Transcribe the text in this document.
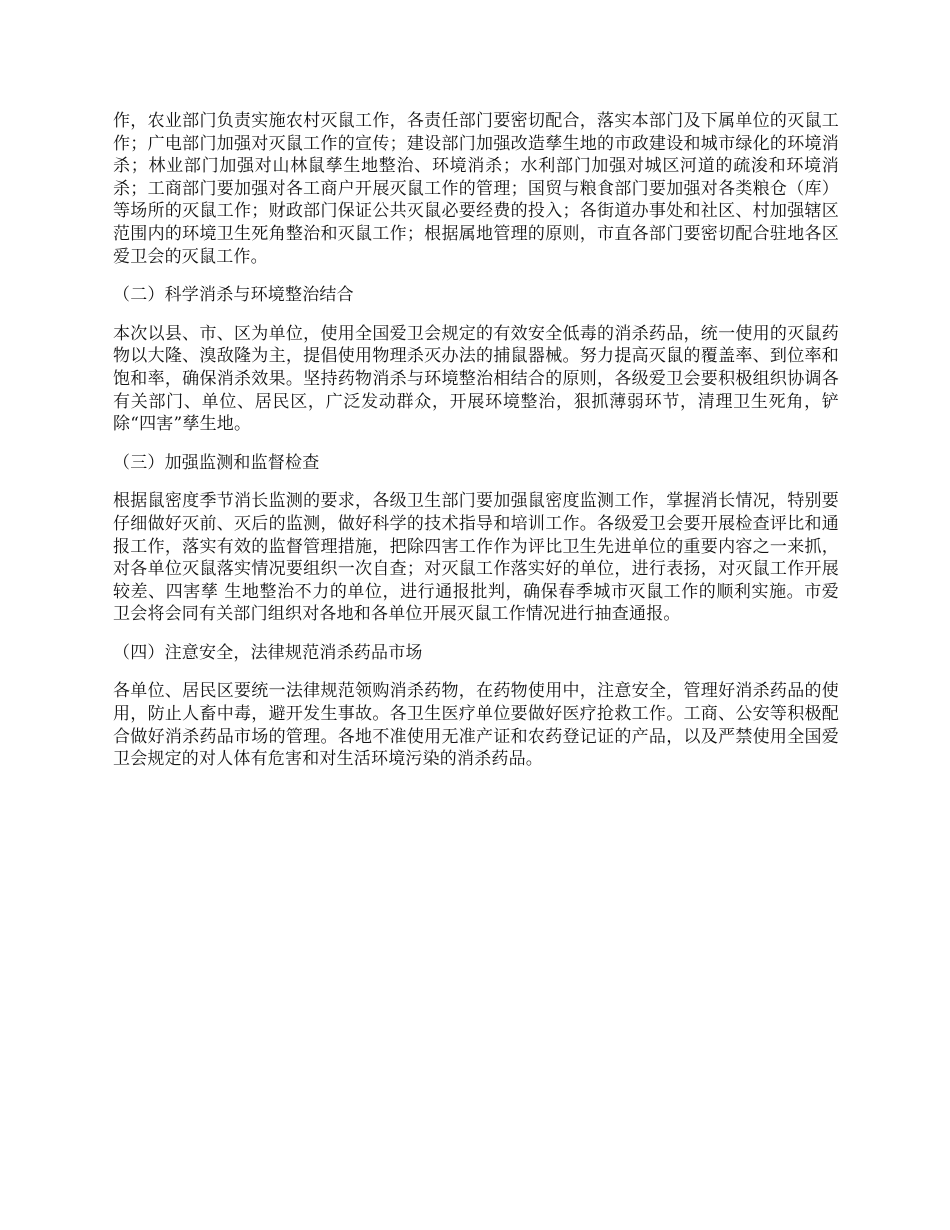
作，农业部门负责实施农村灭鼠工作，各责任部门要密切配合，落实本部门及下属单位的灭鼠工作；广电部门加强对灭鼠工作的宣传；建设部门加强改造孳生地的市政建设和城市绿化的环境消杀；林业部门加强对山林鼠孳生地整治、环境消杀；水利部门加强对城区河道的疏浚和环境消杀；工商部门要加强对各工商户开展灭鼠工作的管理；国贸与粮食部门要加强对各类粮仓（库）等场所的灭鼠工作；财政部门保证公共灭鼠必要经费的投入；各街道办事处和社区、村加强辖区范围内的环境卫生死角整治和灭鼠工作；根据属地管理的原则，市直各部门要密切配合驻地各区爱卫会的灭鼠工作。

（二）科学消杀与环境整治结合

本次以县、市、区为单位，使用全国爱卫会规定的有效安全低毒的消杀药品，统一使用的灭鼠药物以大隆、溴敌隆为主，提倡使用物理杀灭办法的捕鼠器械。努力提高灭鼠的覆盖率、到位率和饱和率，确保消杀效果。坚持药物消杀与环境整治相结合的原则，各级爱卫会要积极组织协调各有关部门、单位、居民区，广泛发动群众，开展环境整治，狠抓薄弱环节，清理卫生死角，铲除“四害”孳生地。

（三）加强监测和监督检查

根据鼠密度季节消长监测的要求，各级卫生部门要加强鼠密度监测工作，掌握消长情况，特别要仔细做好灭前、灭后的监测，做好科学的技术指导和培训工作。各级爱卫会要开展检查评比和通报工作，落实有效的监督管理措施，把除四害工作作为评比卫生先进单位的重要内容之一来抓，对各单位灭鼠落实情况要组织一次自查；对灭鼠工作落实好的单位，进行表扬，对灭鼠工作开展较差、四害孳 生地整治不力的单位，进行通报批判，确保春季城市灭鼠工作的顺利实施。市爱卫会将会同有关部门组织对各地和各单位开展灭鼠工作情况进行抽查通报。

（四）注意安全，法律规范消杀药品市场

各单位、居民区要统一法律规范领购消杀药物，在药物使用中，注意安全，管理好消杀药品的使用，防止人畜中毒，避开发生事故。各卫生医疗单位要做好医疗抢救工作。工商、公安等积极配合做好消杀药品市场的管理。各地不准使用无准产证和农药登记证的产品，以及严禁使用全国爱卫会规定的对人体有危害和对生活环境污染的消杀药品。
